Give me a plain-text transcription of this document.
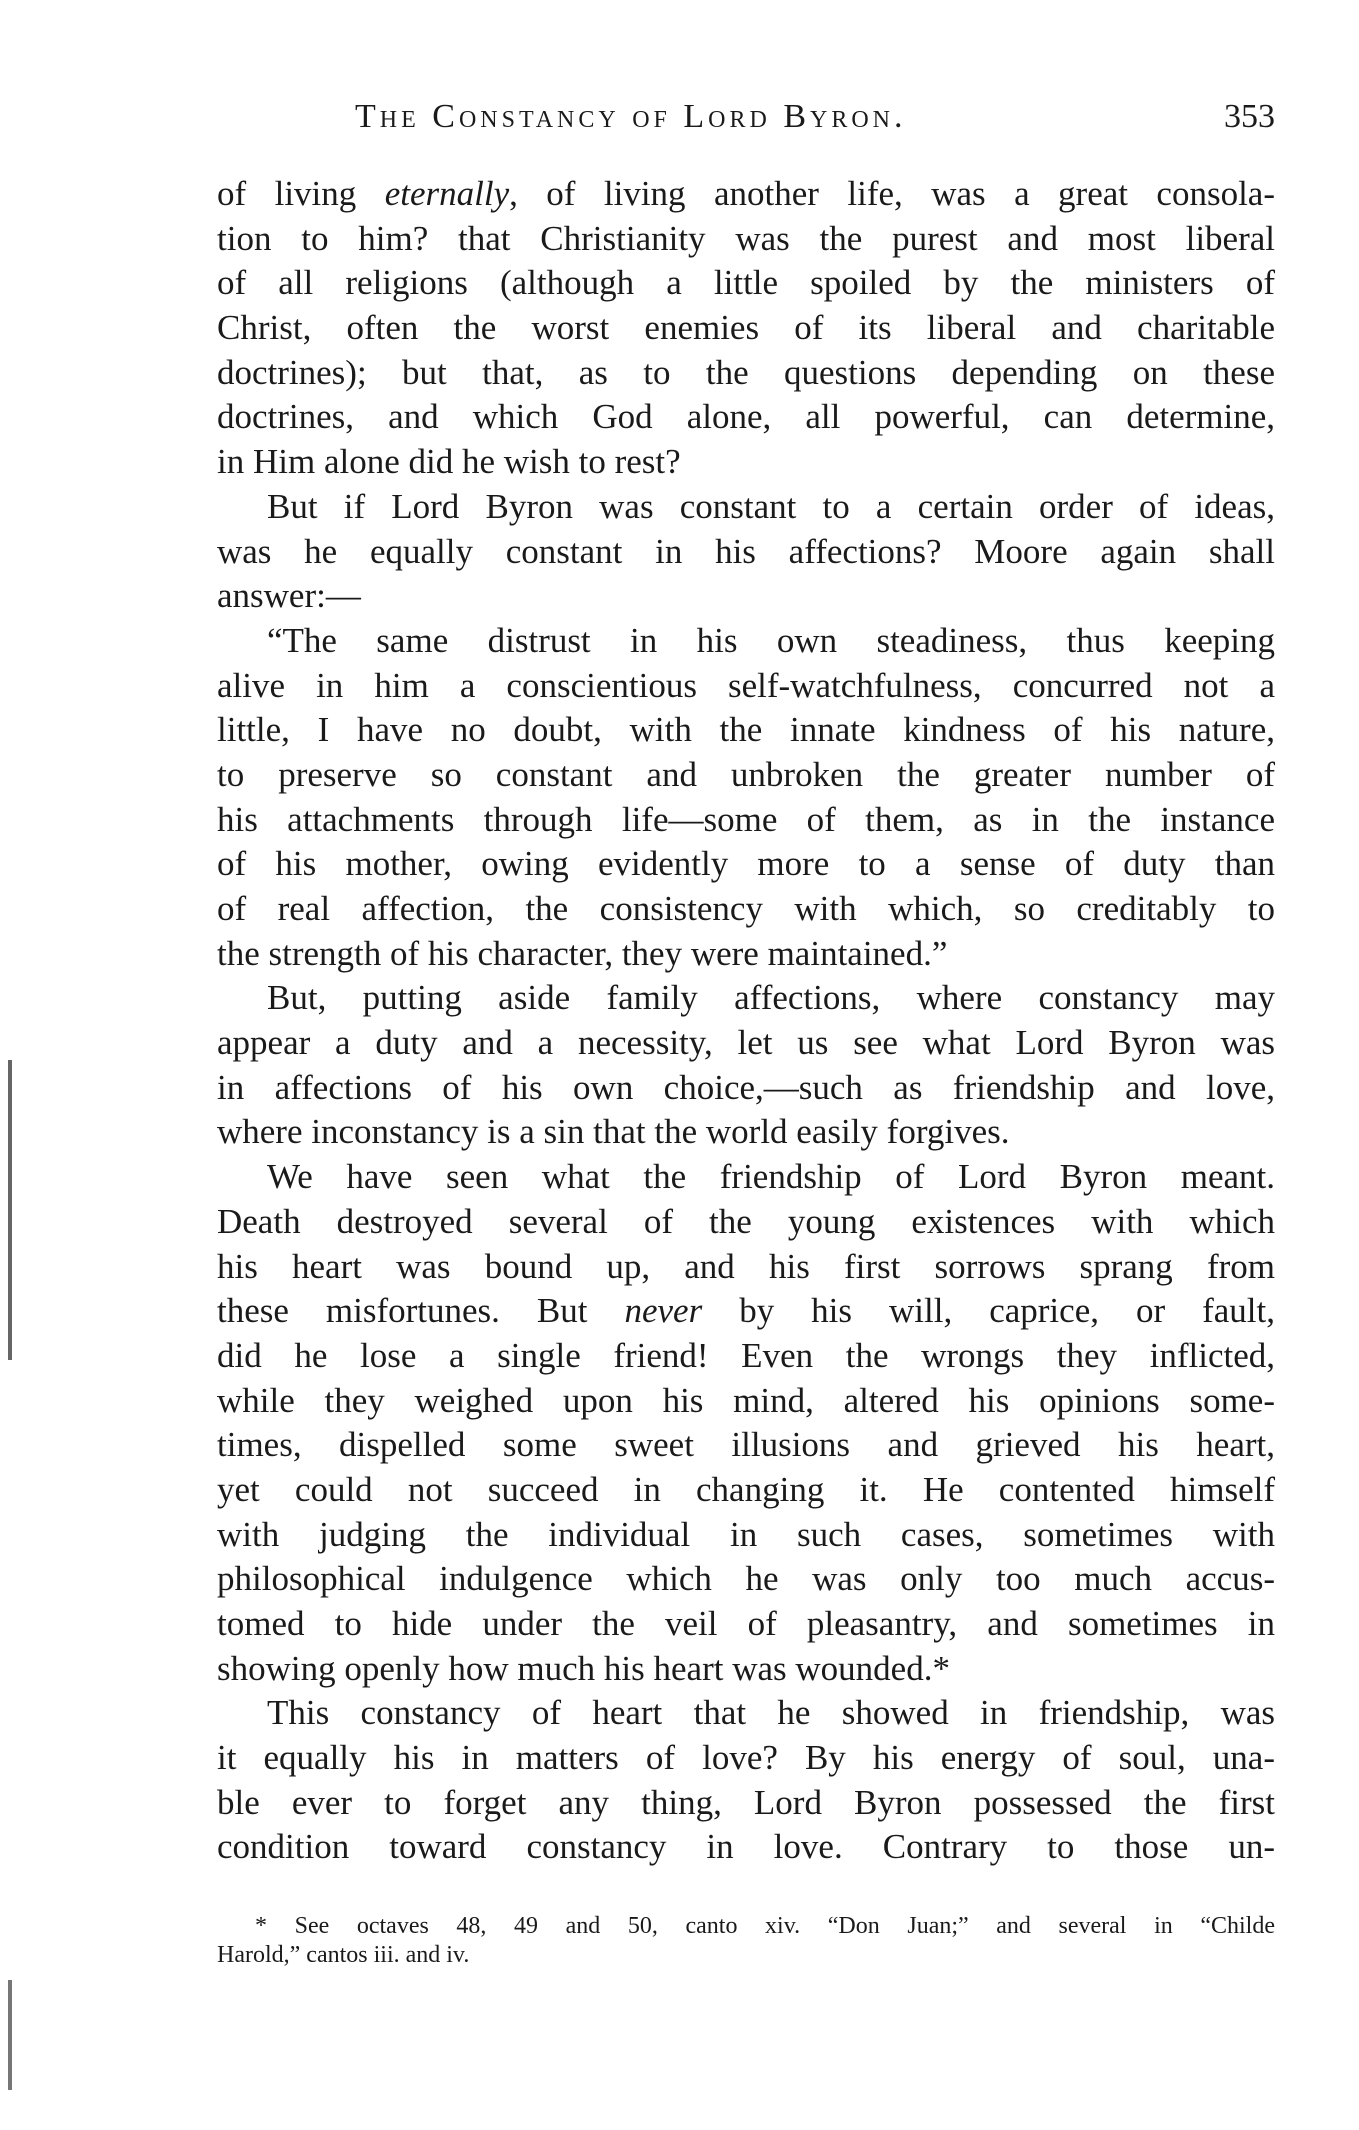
The Constancy of Lord Byron.	353
of living eternally, of living another life, was a great consola-
tion to him? that Christianity was the purest and most liberal
of all religions (although a little spoiled by the ministers of
Christ, often the worst enemies of its liberal and charitable
doctrines); but that, as to the questions depending on these
doctrines, and which God alone, all powerful, can determine,
in Him alone did he wish to rest?
But if Lord Byron was constant to a certain order of ideas,
was he equally constant in his affections? Moore again shall
answer:—
“The same distrust in his own steadiness, thus keeping
alive in him a conscientious self-watchfulness, concurred not a
little, I have no doubt, with the innate kindness of his nature,
to preserve so constant and unbroken the greater number of
his attachments through life—some of them, as in the instance
of his mother, owing evidently more to a sense of duty than
of real affection, the consistency with which, so creditably to
the strength of his character, they were maintained.”
But, putting aside family affections, where constancy may
appear a duty and a necessity, let us see what Lord Byron was
in affections of his own choice,—such as friendship and love,
where inconstancy is a sin that the world easily forgives.
We have seen what the friendship of Lord Byron meant.
Death destroyed several of the young existences with which
his heart was bound up, and his first sorrows sprang from
these misfortunes. But never by his will, caprice, or fault,
did he lose a single friend! Even the wrongs they inflicted,
while they weighed upon his mind, altered his opinions some-
times, dispelled some sweet illusions and grieved his heart,
yet could not succeed in changing it. He contented himself
with judging the individual in such cases, sometimes with
philosophical indulgence which he was only too much accus-
tomed to hide under the veil of pleasantry, and sometimes in
showing openly how much his heart was wounded.*
This constancy of heart that he showed in friendship, was
it equally his in matters of love? By his energy of soul, una-
ble ever to forget any thing, Lord Byron possessed the first
condition toward constancy in love. Contrary to those un-
* See octaves 48, 49 and 50, canto xiv. “Don Juan;” and several in “Childe
Harold,” cantos iii. and iv.
